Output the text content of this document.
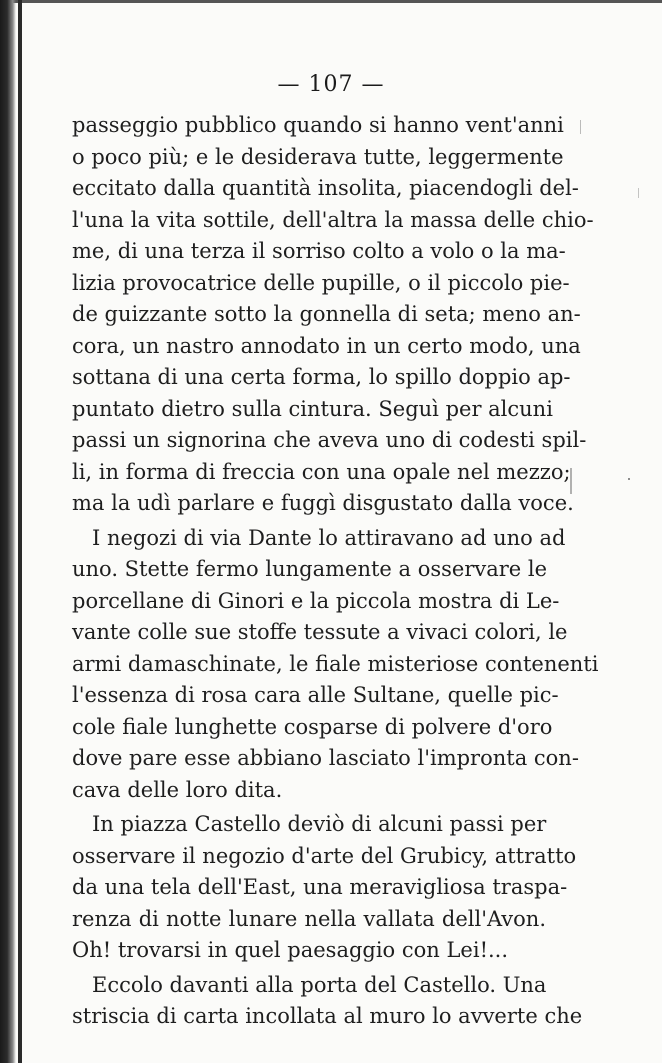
— 107 —
passeggio pubblico quando si hanno vent'anni
o poco più; e le desiderava tutte, leggermente
eccitato dalla quantità insolita, piacendogli del-
l'una la vita sottile, dell'altra la massa delle chio-
me, di una terza il sorriso colto a volo o la ma-
lizia provocatrice delle pupille, o il piccolo pie-
de guizzante sotto la gonnella di seta; meno an-
cora, un nastro annodato in un certo modo, una
sottana di una certa forma, lo spillo doppio ap-
puntato dietro sulla cintura. Seguì per alcuni
passi un signorina che aveva uno di codesti spil-
li, in forma di freccia con una opale nel mezzo;
ma la udì parlare e fuggì disgustato dalla voce.
I negozi di via Dante lo attiravano ad uno ad
uno. Stette fermo lungamente a osservare le
porcellane di Ginori e la piccola mostra di Le-
vante colle sue stoffe tessute a vivaci colori, le
armi damaschinate, le fiale misteriose contenenti
l'essenza di rosa cara alle Sultane, quelle pic-
cole fiale lunghette cosparse di polvere d'oro
dove pare esse abbiano lasciato l'impronta con-
cava delle loro dita.
In piazza Castello deviò di alcuni passi per
osservare il negozio d'arte del Grubicy, attratto
da una tela dell'East, una meravigliosa traspa-
renza di notte lunare nella vallata dell'Avon.
Oh! trovarsi in quel paesaggio con Lei!...
Eccolo davanti alla porta del Castello. Una
striscia di carta incollata al muro lo avverte che
